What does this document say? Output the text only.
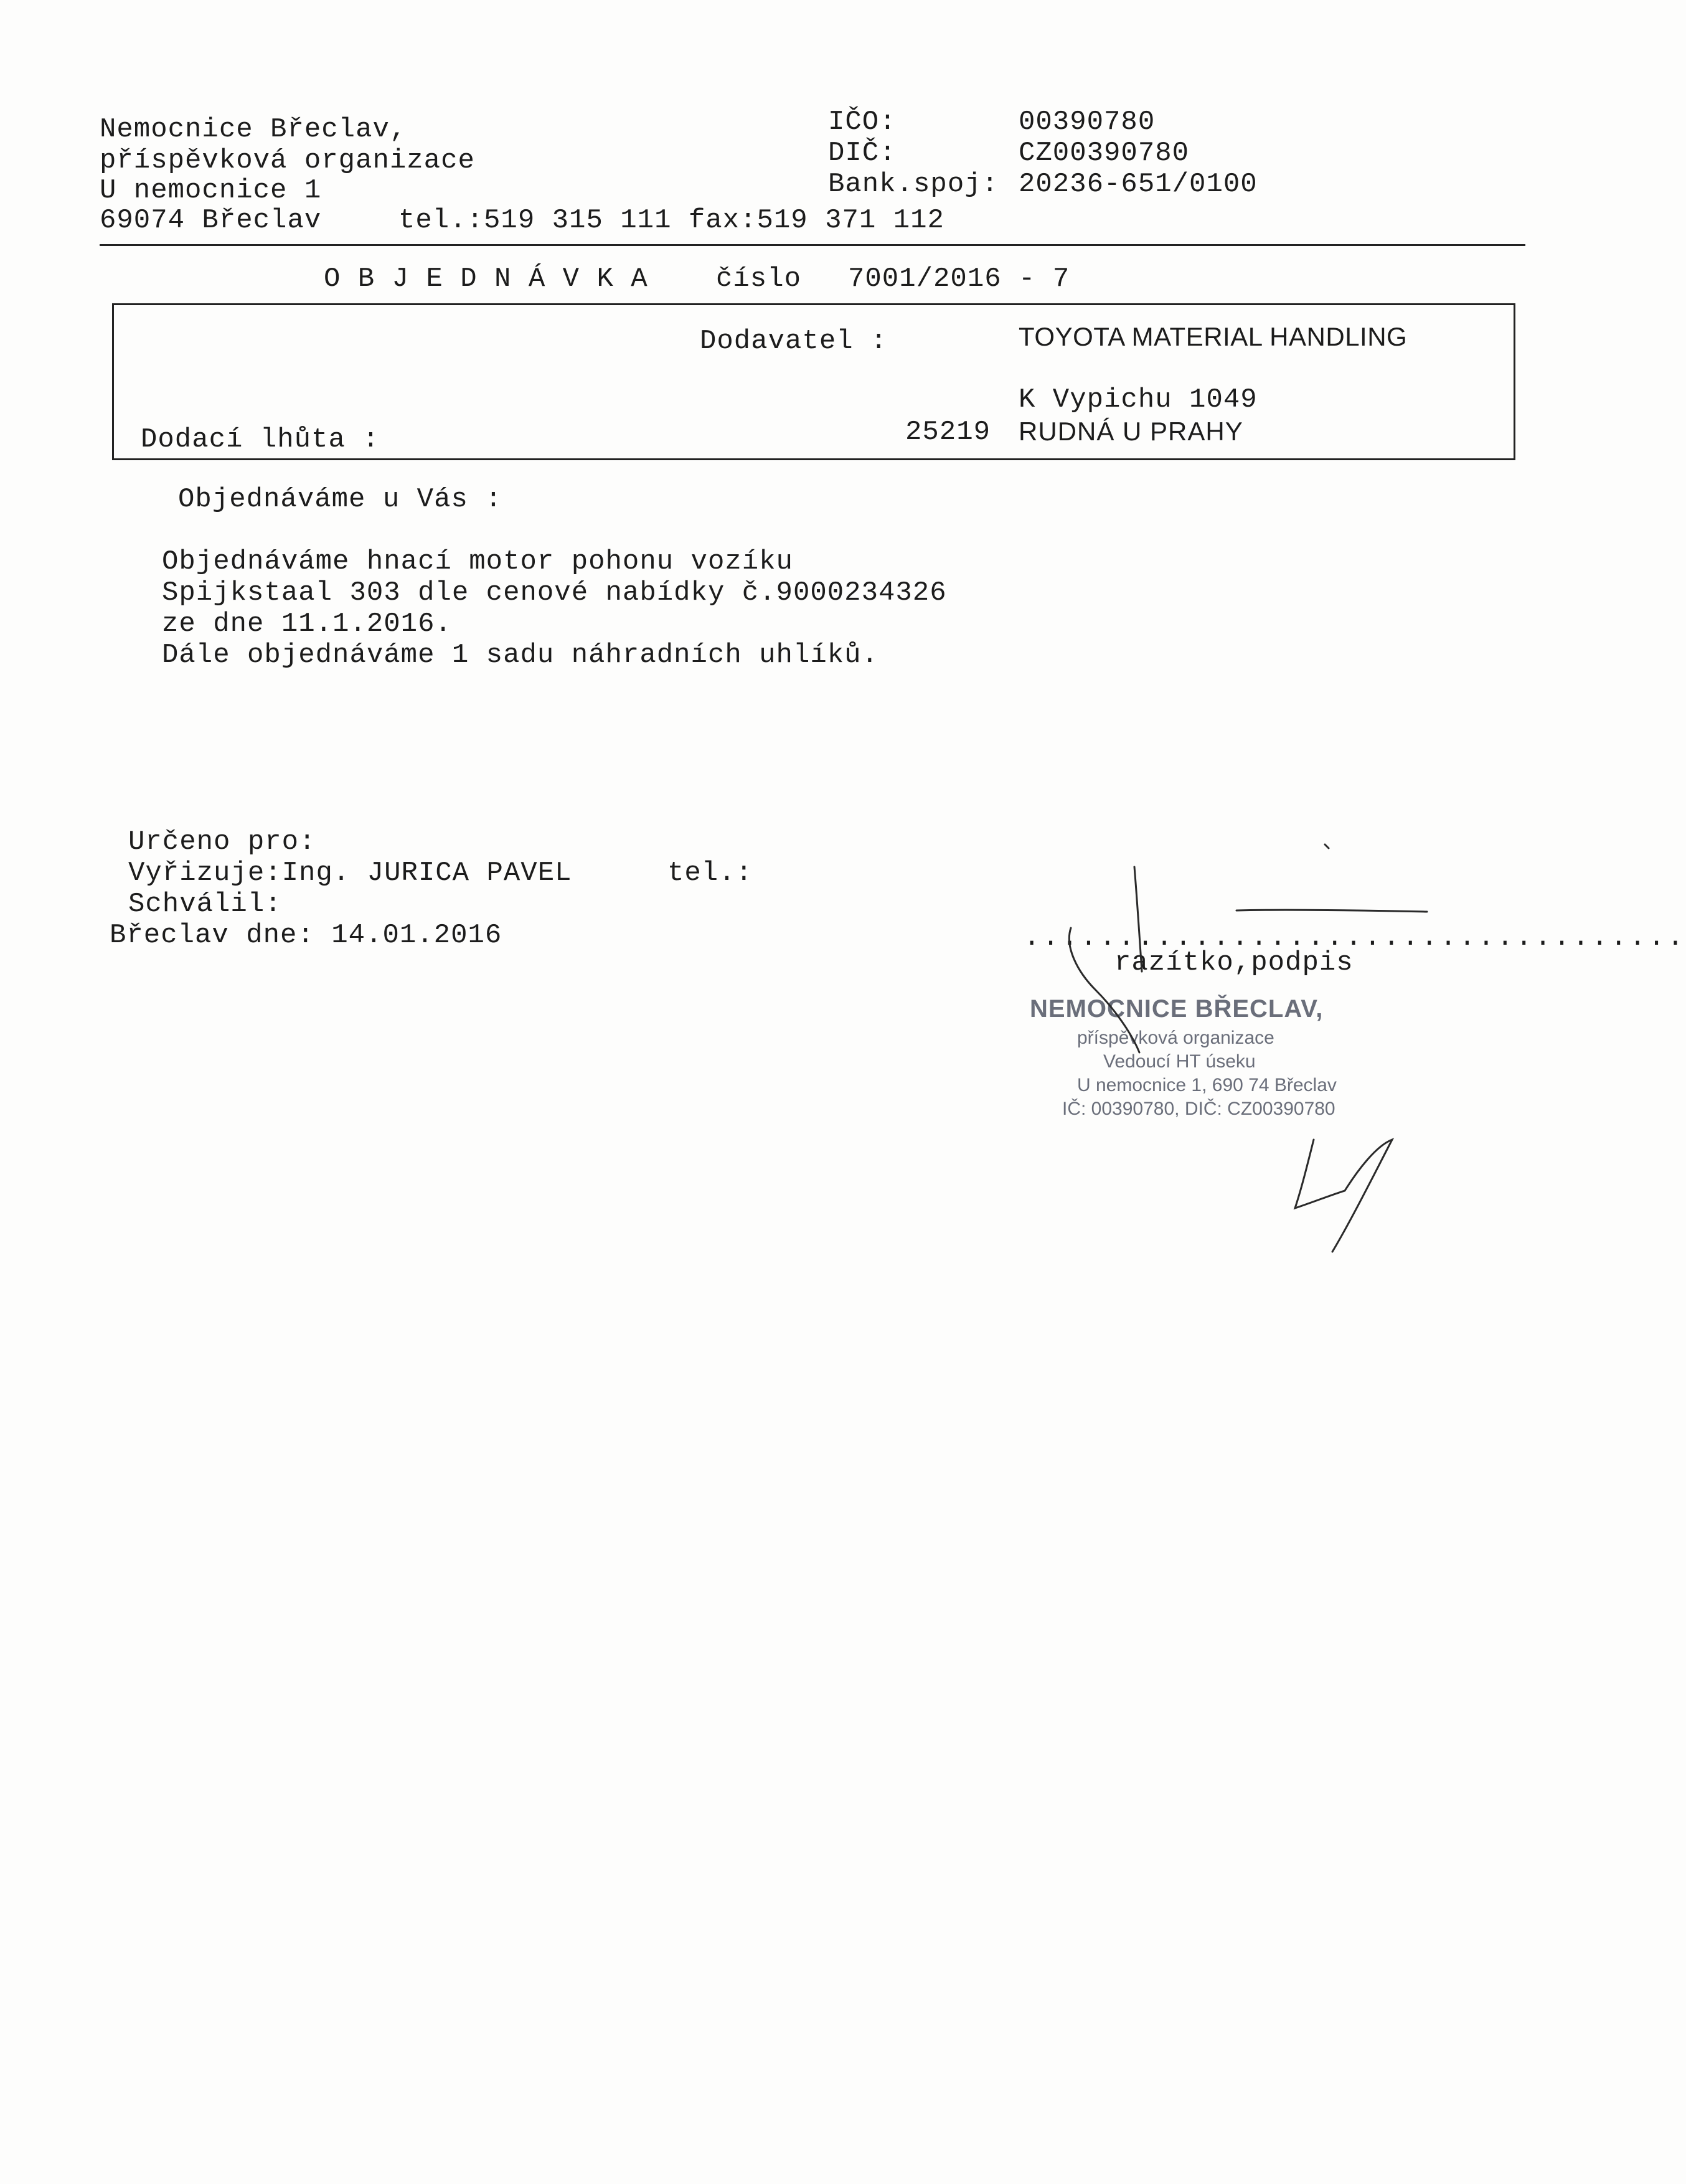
Nemocnice Břeclav,
příspěvková organizace
U nemocnice 1
69074 Břeclav	tel.:519 315 111 fax:519 371 112
IČO:	00390780
DIČ:	CZ00390780
Bank.spoj: 20236-651/0100
O B J E D N Á V K A číslo 7001/2016 - 7
Dodavatel :	TOYOTA MATERIAL HANDLING
K Vypichu 1049
25219 RUDNÁ U PRAHY
Dodací lhůta :
Objednáváme u Vás :
Objednáváme hnací motor pohonu vozíku
Spijkstaal 303 dle cenové nabídky č.9000234326
ze dne 11.1.2016.
Dále objednáváme 1 sadu náhradních uhlíků.
Určeno pro:
Vyřizuje:Ing. JURICA PAVEL	tel.:
Schválil:
Břeclav dne: 14.01.2016	...................................
razítko,podpis
NEMOCNICE BŘECLAV,
příspěvková organizace
Vedoucí HT úseku
U nemocnice 1, 690 74 Břeclav
IČ: 00390780, DIČ: CZ00390780
